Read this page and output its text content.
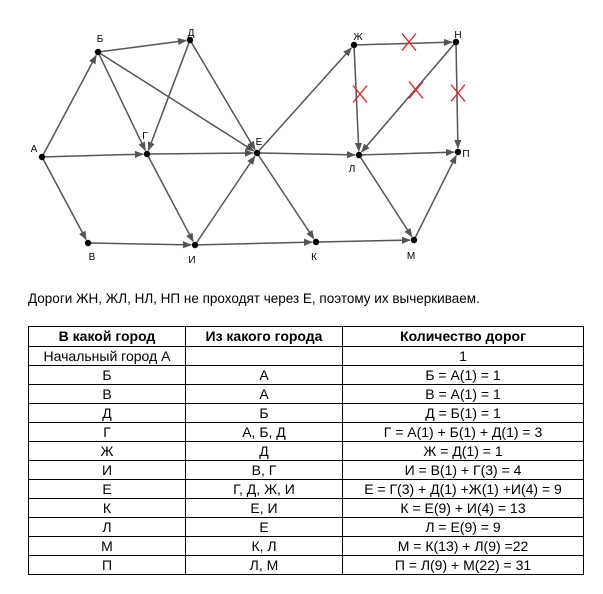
А
Б
В
Г
Д
Е
Ж
И	К
Л
М
Н
П
Дороги ЖН, ЖЛ, НЛ, НП не проходят через Е, поэтому их вычеркиваем.
В какой город	Из какого города	Количество дорог
Начальный город А		1
Б	А	Б = А(1) = 1
В	А	В = А(1) = 1
Д	Б	Д = Б(1) = 1
Г	А, Б, Д	Г = А(1) + Б(1) + Д(1) = 3
Ж	Д	Ж = Д(1) = 1
И	В, Г	И = В(1) + Г(3) = 4
Е	Г, Д, Ж, И	Е = Г(3) + Д(1) +Ж(1) +И(4) = 9
К	Е, И	К = Е(9) + И(4) = 13
Л	Е	Л = Е(9) = 9
М	К, Л	М = К(13) + Л(9) =22
П	Л, М	П = Л(9) + М(22) = 31
